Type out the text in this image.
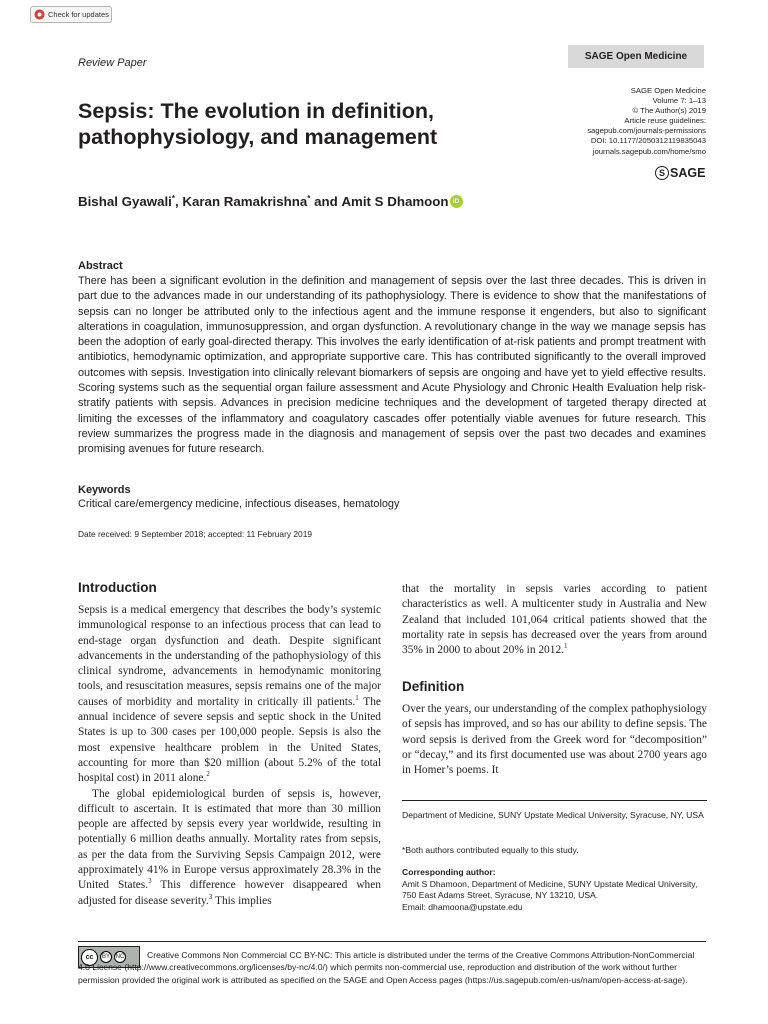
Check for updates
Review Paper
SAGE Open Medicine
SAGE Open Medicine
Volume 7: 1–13
© The Author(s) 2019
Article reuse guidelines:
sagepub.com/journals-permissions
DOI: 10.1177/2050312119835043
journals.sagepub.com/home/smo
S SAGE
Sepsis: The evolution in definition, pathophysiology, and management
Bishal Gyawali* , Karan Ramakrishna* and Amit S Dhamoon iD
Abstract

There has been a significant evolution in the definition and management of sepsis over the last three decades. This is driven in part due to the advances made in our understanding of its pathophysiology. There is evidence to show that the manifestations of sepsis can no longer be attributed only to the infectious agent and the immune response it engenders, but also to significant alterations in coagulation, immunosuppression, and organ dysfunction. A revolutionary change in the way we manage sepsis has been the adoption of early goal-directed therapy. This involves the early identification of at-risk patients and prompt treatment with antibiotics, hemodynamic optimization, and appropriate supportive care. This has contributed significantly to the overall improved outcomes with sepsis. Investigation into clinically relevant biomarkers of sepsis are ongoing and have yet to yield effective results. Scoring systems such as the sequential organ failure assessment and Acute Physiology and Chronic Health Evaluation help risk-stratify patients with sepsis. Advances in precision medicine techniques and the development of targeted therapy directed at limiting the excesses of the inflammatory and coagulatory cascades offer potentially viable avenues for future research. This review summarizes the progress made in the diagnosis and management of sepsis over the past two decades and examines promising avenues for future research.

Keywords
Critical care/emergency medicine, infectious diseases, hematology
Date received: 9 September 2018; accepted: 11 February 2019
Introduction

Sepsis is a medical emergency that describes the body’s systemic immunological response to an infectious process that can lead to end-stage organ dysfunction and death. Despite significant advancements in the understanding of the pathophysiology of this clinical syndrome, advancements in hemodynamic monitoring tools, and resuscitation measures, sepsis remains one of the major causes of morbidity and mortality in critically ill patients.$^1$ The annual incidence of severe sepsis and septic shock in the United States is up to 300 cases per 100,000 people. Sepsis is also the most expensive healthcare problem in the United States, accounting for more than $20 million (about 5.2% of the total hospital cost) in 2011 alone.$^2$

The global epidemiological burden of sepsis is, however, difficult to ascertain. It is estimated that more than 30 million people are affected by sepsis every year worldwide, resulting in potentially 6 million deaths annually. Mortality rates from sepsis, as per the data from the Surviving Sepsis Campaign 2012, were approximately 41% in Europe versus approximately 28.3% in the United States.$^3$ This difference however disappeared when adjusted for disease severity.$^3$ This implies

that the mortality in sepsis varies according to patient characteristics as well. A multicenter study in Australia and New Zealand that included 101,064 critical patients showed that the mortality rate in sepsis has decreased over the years from around 35% in 2000 to about 20% in 2012.$^1$

Definition

Over the years, our understanding of the complex pathophysiology of sepsis has improved, and so has our ability to define sepsis. The word sepsis is derived from the Greek word for “decomposition” or “decay,” and its first documented use was about 2700 years ago in Homer’s poems. It

Department of Medicine, SUNY Upstate Medical University, Syracuse, NY, USA
*Both authors contributed equally to this study.
Corresponding author:
Amit S Dhamoon, Department of Medicine, SUNY Upstate Medical University, 750 East Adams Street, Syracuse, NY 13210, USA.
Email: dhamoona@upstate.edu
cc	BY NC	Creative Commons Non Commercial CC BY-NC: This article is distributed under the terms of the Creative Commons Attribution-NonCommercial 4.0 License (http://www.creativecommons.org/licenses/by-nc/4.0/) which permits non-commercial use, reproduction and distribution of the work without further permission provided the original work is attributed as specified on the SAGE and Open Access pages (https://us.sagepub.com/en-us/nam/open-access-at-sage).
